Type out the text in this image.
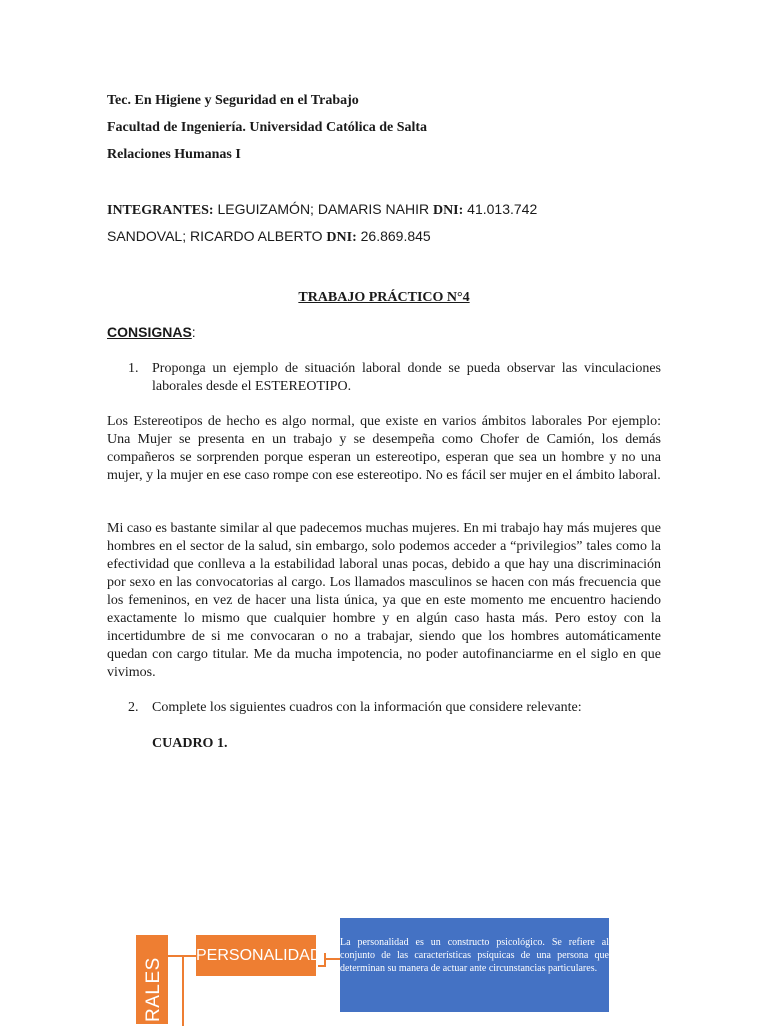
Tec. En Higiene y Seguridad en el Trabajo
Facultad de Ingeniería. Universidad Católica de Salta
Relaciones Humanas I
INTEGRANTES: LEGUIZAMÓN; DAMARIS NAHIR DNI: 41.013.742
SANDOVAL; RICARDO ALBERTO DNI: 26.869.845
TRABAJO PRÁCTICO N°4
CONSIGNAS:
1. Proponga un ejemplo de situación laboral donde se pueda observar las vinculaciones laborales desde el ESTEREOTIPO.

Los Estereotipos de hecho es algo normal, que existe en varios ámbitos laborales Por ejemplo: Una Mujer se presenta en un trabajo y se desempeña como Chofer de Camión, los demás compañeros se sorprenden porque esperan un estereotipo, esperan que sea un hombre y no una mujer, y la mujer en ese caso rompe con ese estereotipo. No es fácil ser mujer en el ámbito laboral.

Mi caso es bastante similar al que padecemos muchas mujeres. En mi trabajo hay más mujeres que hombres en el sector de la salud, sin embargo, solo podemos acceder a “privilegios” tales como la efectividad que conlleva a la estabilidad laboral unas pocas, debido a que hay una discriminación por sexo en las convocatorias al cargo. Los llamados masculinos se hacen con más frecuencia que los femeninos, en vez de hacer una lista única, ya que en este momento me encuentro haciendo exactamente lo mismo que cualquier hombre y en algún caso hasta más. Pero estoy con la incertidumbre de si me convocaran o no a trabajar, siendo que los hombres automáticamente quedan con cargo titular. Me da mucha impotencia, no poder autofinanciarme en el siglo en que vivimos.

2. Complete los siguientes cuadros con la información que considere relevante:
CUADRO 1.
RALES
PERSONALIDAD
La personalidad es un constructo psicológico. Se refiere al conjunto de las características psíquicas de una persona que determinan su manera de actuar ante circunstancias particulares.
